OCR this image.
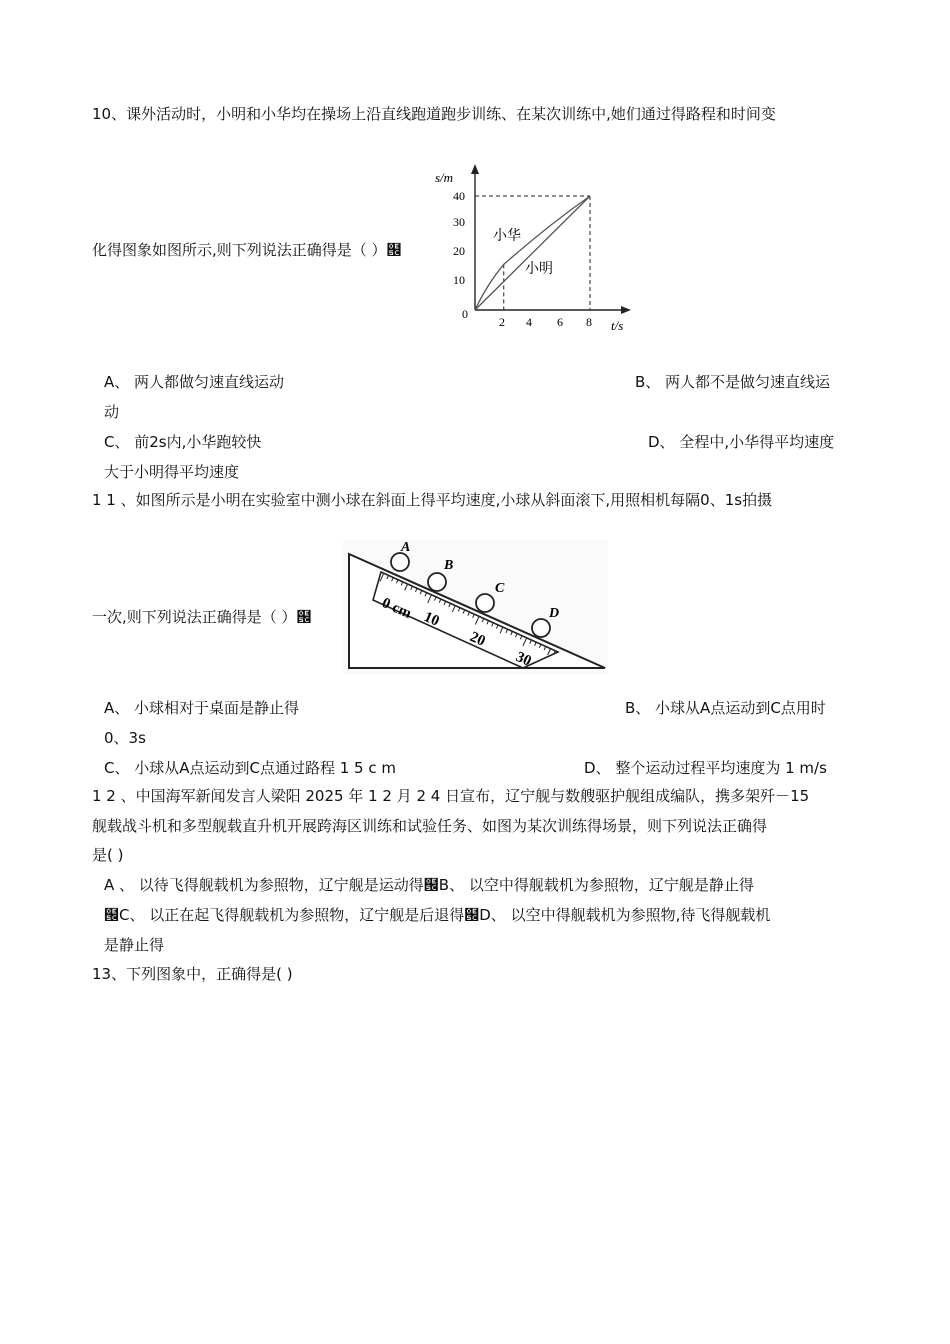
10、课外活动时，小明和小华均在操场上沿直线跑道跑步训练、在某次训练中,她们通过得路程和时间变
化得图象如图所示,则下列说法正确得是（ ）๜
s/m
t/s
0
10
20
30
40
2 4 6 8
小华
小明
A、 两人都做匀速直线运动	B、 两人都不是做匀速直线运
动
C、 前2s内,小华跑较快	D、 全程中,小华得平均速度
大于小明得平均速度
1 1 、如图所示是小明在实验室中测小球在斜面上得平均速度,小球从斜面滚下,用照相机每隔0、1s拍摄
一次,则下列说法正确得是（ ）๜
A
B
C
D
0 cm 10
20
30
A、 小球相对于桌面是静止得	B、 小球从A点运动到C点用时
0、3s
C、 小球从A点运动到C点通过路程 1 5 c m	D、 整个运动过程平均速度为 1 m/s
1 2 、中国海军新闻发言人梁阳 2025 年 1 2 月 2 4 日宣布，辽宁舰与数艘驱护舰组成编队，携多架歼－15
舰载战斗机和多型舰载直升机开展跨海区训练和试验任务、如图为某次训练得场景，则下列说法正确得
是( )
A 、 以待飞得舰载机为参照物，辽宁舰是运动得๜B、 以空中得舰载机为参照物，辽宁舰是静止得
๜C、 以正在起飞得舰载机为参照物，辽宁舰是后退得๜D、 以空中得舰载机为参照物,待飞得舰载机
是静止得
13、下列图象中，正确得是( )
